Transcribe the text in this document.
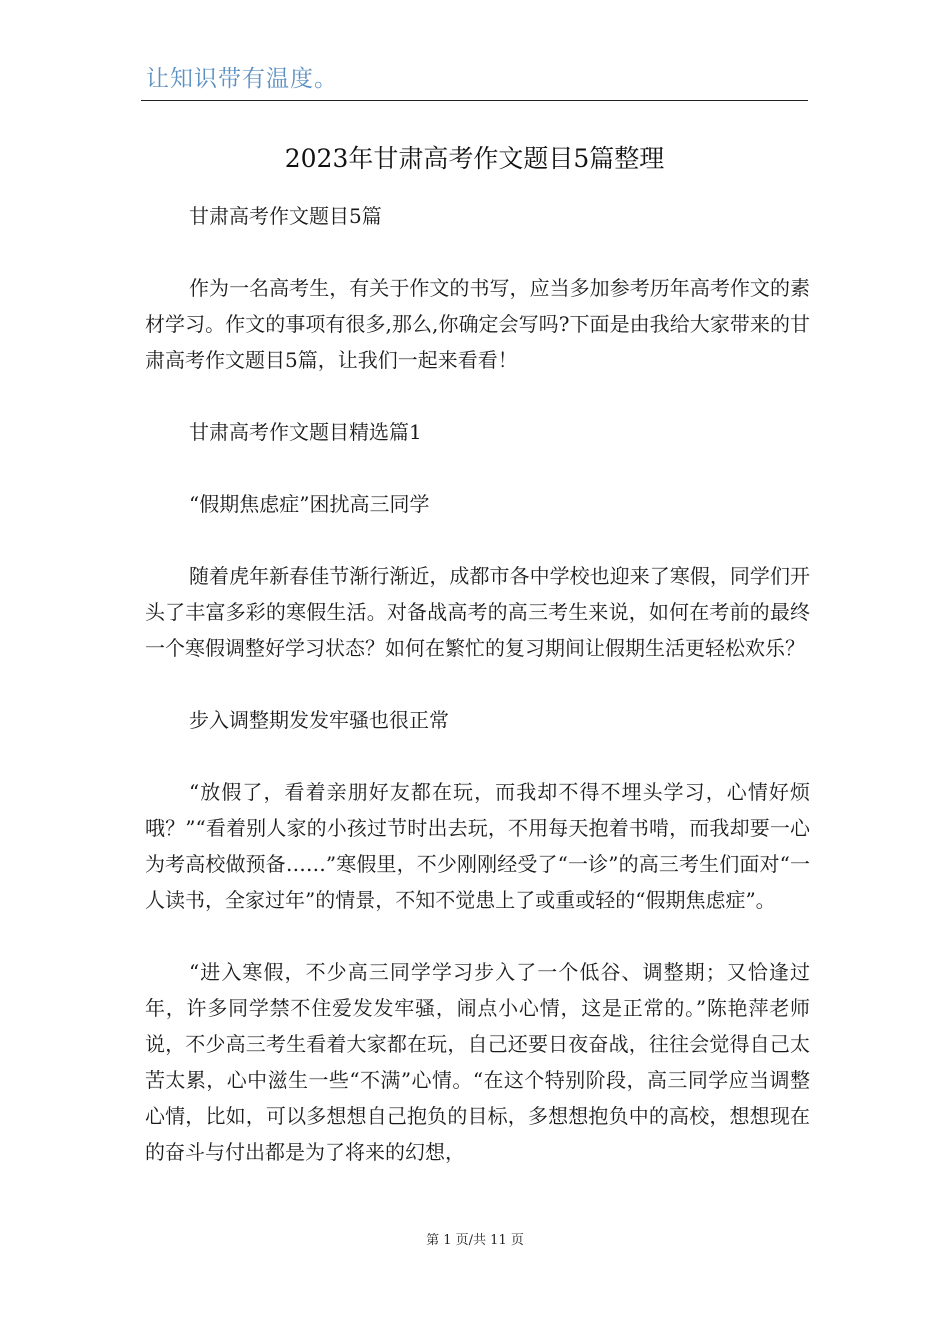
让知识带有温度。
2023年甘肃高考作文题目5篇整理

甘肃高考作文题目5篇

作为一名高考生，有关于作文的书写，应当多加参考历年高考作文的素材学习。作文的事项有很多,那么,你确定会写吗?下面是由我给大家带来的甘肃高考作文题目5篇，让我们一起来看看！

甘肃高考作文题目精选篇1

“假期焦虑症”困扰高三同学

随着虎年新春佳节渐行渐近，成都市各中学校也迎来了寒假，同学们开头了丰富多彩的寒假生活。对备战高考的高三考生来说，如何在考前的最终一个寒假调整好学习状态？如何在繁忙的复习期间让假期生活更轻松欢乐？

步入调整期发发牢骚也很正常

“放假了，看着亲朋好友都在玩，而我却不得不埋头学习，心情好烦哦？”“看着别人家的小孩过节时出去玩，不用每天抱着书啃，而我却要一心为考高校做预备……”寒假里，不少刚刚经受了“一诊”的高三考生们面对“一人读书，全家过年”的情景，不知不觉患上了或重或轻的“假期焦虑症”。

“进入寒假，不少高三同学学习步入了一个低谷、调整期；又恰逢过年，许多同学禁不住爱发发牢骚，闹点小心情，这是正常的。”陈艳萍老师说，不少高三考生看着大家都在玩，自己还要日夜奋战，往往会觉得自己太苦太累，心中滋生一些“不满”心情。“在这个特别阶段，高三同学应当调整心情，比如，可以多想想自己抱负的目标，多想想抱负中的高校，想想现在的奋斗与付出都是为了将来的幻想，

第 1 页/共 11 页
